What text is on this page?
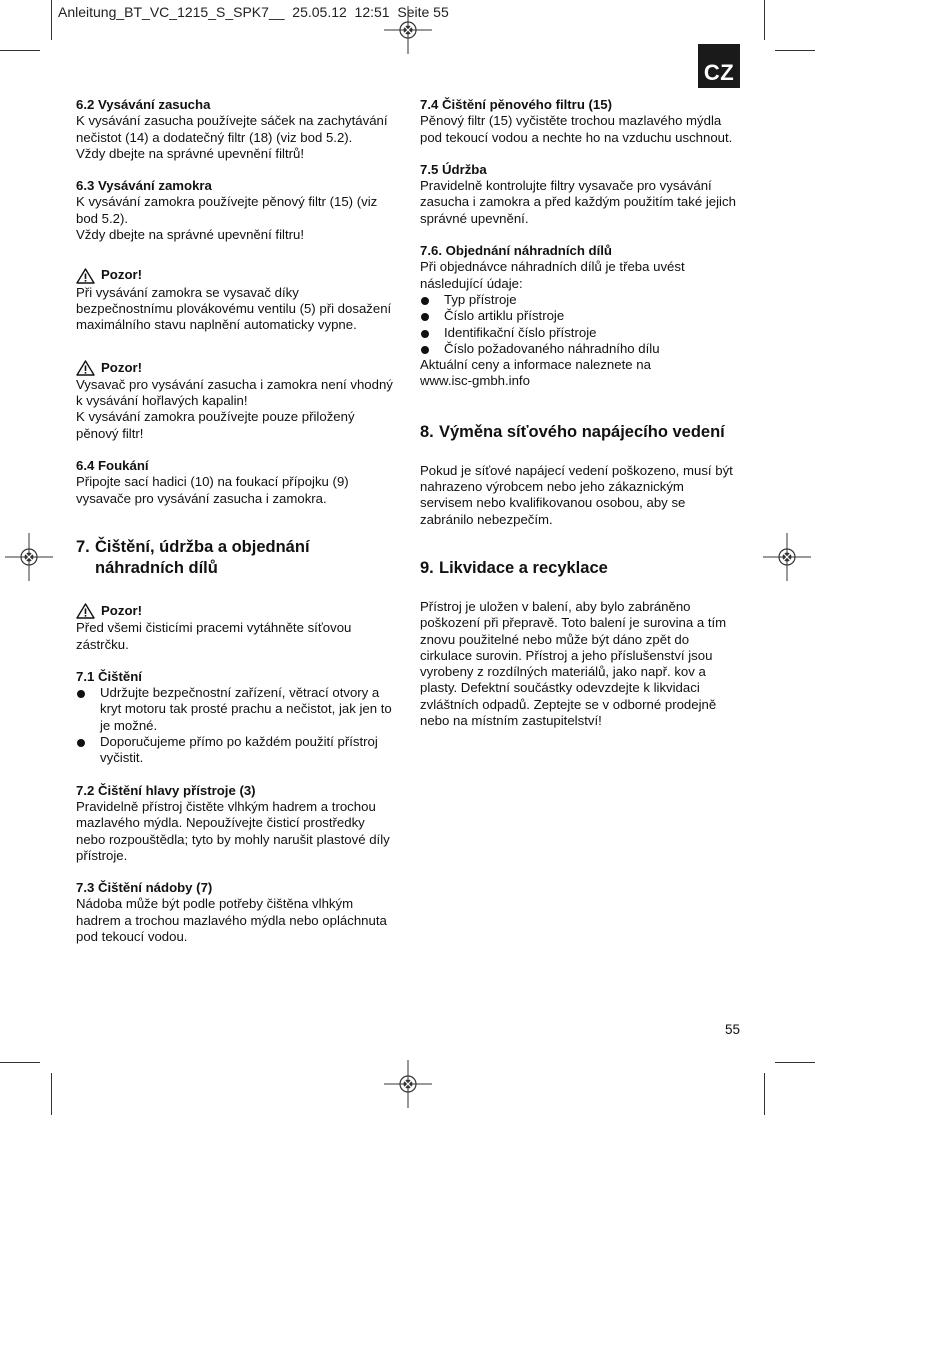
Anleitung_BT_VC_1215_S_SPK7__  25.05.12  12:51  Seite 55
CZ

6.2 Vysávání zasucha

K vysávání zasucha používejte sáček na zachytávání

nečistot (14) a dodatečný filtr (18) (viz bod 5.2).

Vždy dbejte na správné upevnění filtrů!

6.3 Vysávání zamokra

K vysávání zamokra používejte pěnový filtr (15) (viz

bod 5.2).

Vždy dbejte na správné upevnění filtru!

Pozor!

Při vysávání zamokra se vysavač díky

bezpečnostnímu plovákovému ventilu (5) při dosažení

maximálního stavu naplnění automaticky vypne.

Pozor!

Vysavač pro vysávání zasucha i zamokra není vhodný

k vysávání hořlavých kapalin!

K vysávání zamokra používejte pouze přiložený

pěnový filtr!

6.4 Foukání

Připojte sací hadici (10) na foukací přípojku (9)

vysavače pro vysávání zasucha i zamokra.

7. Čištění, údržba a objednání
náhradních dílů
Pozor!

Před všemi čisticími pracemi vytáhněte síťovou

zástrčku.

7.1 Čištění

Udržujte bezpečnostní zařízení, větrací otvory a
kryt motoru tak prosté prachu a nečistot, jak jen to
je možné.
Doporučujeme přímo po každém použití přístroj
vyčistit.

7.2 Čištění hlavy přístroje (3)

Pravidelně přístroj čistěte vlhkým hadrem a trochou

mazlavého mýdla. Nepoužívejte čisticí prostředky

nebo rozpouštědla; tyto by mohly narušit plastové díly

přístroje.

7.3 Čištění nádoby (7)

Nádoba může být podle potřeby čištěna vlhkým

hadrem a trochou mazlavého mýdla nebo opláchnuta

pod tekoucí vodou.

7.4 Čištění pěnového filtru (15)

Pěnový filtr (15) vyčistěte trochou mazlavého mýdla

pod tekoucí vodou a nechte ho na vzduchu uschnout.

7.5 Údržba

Pravidelně kontrolujte filtry vysavače pro vysávání

zasucha i zamokra a před každým použitím také jejich

správné upevnění.

7.6. Objednání náhradních dílů

Při objednávce náhradních dílů je třeba uvést

následující údaje:

Typ přístroje
Číslo artiklu přístroje
Identifikační číslo přístroje
Číslo požadovaného náhradního dílu

Aktuální ceny a informace naleznete na

www.isc-gmbh.info

8. Výměna síťového napájecího vedení

Pokud je síťové napájecí vedení poškozeno, musí být

nahrazeno výrobcem nebo jeho zákaznickým

servisem nebo kvalifikovanou osobou, aby se

zabránilo nebezpečím.

9. Likvidace a recyklace

Přístroj je uložen v balení, aby bylo zabráněno

poškození při přepravě. Toto balení je surovina a tím

znovu použitelné nebo může být dáno zpět do

cirkulace surovin. Přístroj a jeho příslušenství jsou

vyrobeny z rozdílných materiálů, jako např. kov a

plasty. Defektní součástky odevzdejte k likvidaci

zvláštních odpadů. Zeptejte se v odborné prodejně

nebo na místním zastupitelství!

55
